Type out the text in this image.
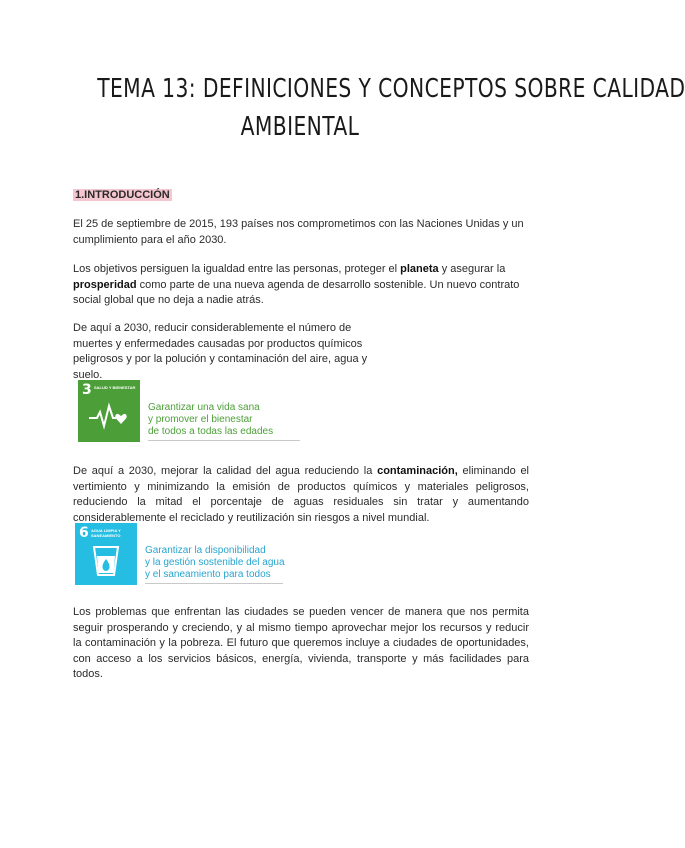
TEMA 13: DEFINICIONES Y CONCEPTOS SOBRE CALIDAD
AMBIENTAL
1.INTRODUCCIÓN
El 25 de septiembre de 2015, 193 países nos comprometimos con las Naciones Unidas y un cumplimiento para el año 2030.
Los objetivos persiguen la igualdad entre las personas, proteger el planeta y asegurar la prosperidad como parte de una nueva agenda de desarrollo sostenible. Un nuevo contrato social global que no deja a nadie atrás.
De aquí a 2030, reducir considerablemente el número de muertes y enfermedades causadas por productos químicos peligrosos y por la polución y contaminación del aire, agua y suelo.
3 SALUD Y BIENESTAR
Garantizar una vida sana
y promover el bienestar
de todos a todas las edades
De aquí a 2030, mejorar la calidad del agua reduciendo la contaminación, eliminando el vertimiento y minimizando la emisión de productos químicos y materiales peligrosos, reduciendo la mitad el porcentaje de aguas residuales sin tratar y aumentando considerablemente el reciclado y reutilización sin riesgos a nivel mundial.
6 AGUA LIMPIA Y SANEAMIENTO
Garantizar la disponibilidad
y la gestión sostenible del agua
y el saneamiento para todos
Los problemas que enfrentan las ciudades se pueden vencer de manera que nos permita seguir prosperando y creciendo, y al mismo tiempo aprovechar mejor los recursos y reducir la contaminación y la pobreza. El futuro que queremos incluye a ciudades de oportunidades, con acceso a los servicios básicos, energía, vivienda, transporte y más facilidades para todos.
